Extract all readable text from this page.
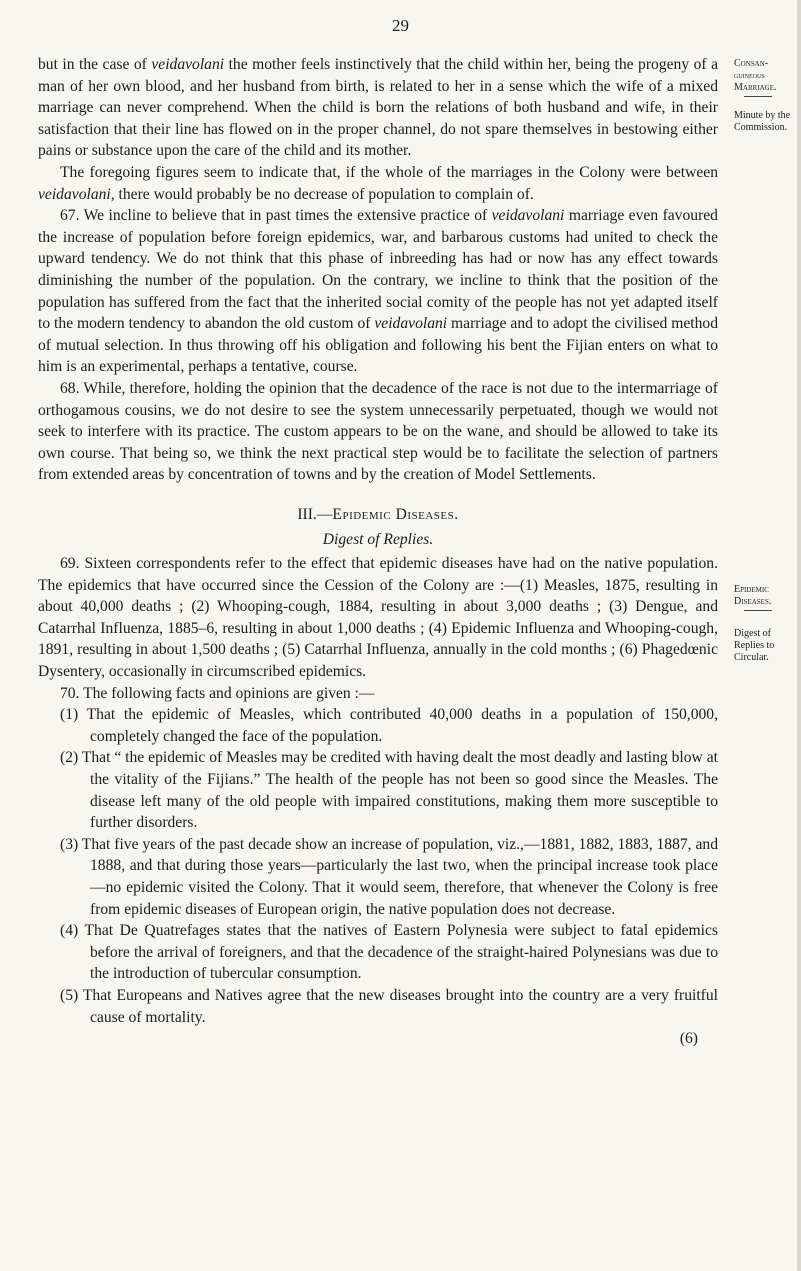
29
Consan-
guineous
Marriage.
Minute by the
Commission.
Epidemic
Diseases.
Digest of
Replies to
Circular.

but in the case of veidavolani the mother feels instinctively that the child within her, being the progeny of a man of her own blood, and her husband from birth, is related to her in a sense which the wife of a mixed marriage can never comprehend. When the child is born the relations of both husband and wife, in their satisfaction that their line has flowed on in the proper channel, do not spare themselves in bestowing either pains or substance upon the care of the child and its mother.

The foregoing figures seem to indicate that, if the whole of the marriages in the Colony were between veidavolani, there would probably be no decrease of population to complain of.

67. We incline to believe that in past times the extensive practice of veidavolani marriage even favoured the increase of population before foreign epidemics, war, and barbarous customs had united to check the upward tendency. We do not think that this phase of inbreeding has had or now has any effect towards diminishing the number of the population. On the contrary, we incline to think that the position of the population has suffered from the fact that the inherited social comity of the people has not yet adapted itself to the modern tendency to abandon the old custom of veidavolani marriage and to adopt the civilised method of mutual selection. In thus throwing off his obligation and following his bent the Fijian enters on what to him is an experimental, perhaps a tentative, course.

68. While, therefore, holding the opinion that the decadence of the race is not due to the intermarriage of orthogamous cousins, we do not desire to see the system unnecessarily perpetuated, though we would not seek to interfere with its practice. The custom appears to be on the wane, and should be allowed to take its own course. That being so, we think the next practical step would be to facilitate the selection of partners from extended areas by concentration of towns and by the creation of Model Settlements.

III.—Epidemic Diseases.
Digest of Replies.

69. Sixteen correspondents refer to the effect that epidemic diseases have had on the native population. The epidemics that have occurred since the Cession of the Colony are :—(1) Measles, 1875, resulting in about 40,000 deaths ; (2) Whooping-cough, 1884, resulting in about 3,000 deaths ; (3) Dengue, and Catarrhal Influenza, 1885–6, resulting in about 1,000 deaths ; (4) Epidemic Influenza and Whooping-cough, 1891, resulting in about 1,500 deaths ; (5) Catarrhal Influenza, annually in the cold months ; (6) Phagedœnic Dysentery, occasionally in circumscribed epidemics.

70. The following facts and opinions are given :—

(1) That the epidemic of Measles, which contributed 40,000 deaths in a population of 150,000, completely changed the face of the population.
(2) That “ the epidemic of Measles may be credited with having dealt the most deadly and lasting blow at the vitality of the Fijians.” The health of the people has not been so good since the Measles. The disease left many of the old people with impaired constitutions, making them more susceptible to further disorders.
(3) That five years of the past decade show an increase of population, viz.,—1881, 1882, 1883, 1887, and 1888, and that during those years—particularly the last two, when the principal increase took place—no epidemic visited the Colony. That it would seem, therefore, that whenever the Colony is free from epidemic diseases of European origin, the native population does not decrease.
(4) That De Quatrefages states that the natives of Eastern Polynesia were subject to fatal epidemics before the arrival of foreigners, and that the decadence of the straight-haired Polynesians was due to the introduction of tubercular consumption.
(5) That Europeans and Natives agree that the new diseases brought into the country are a very fruitful cause of mortality.
(6)
